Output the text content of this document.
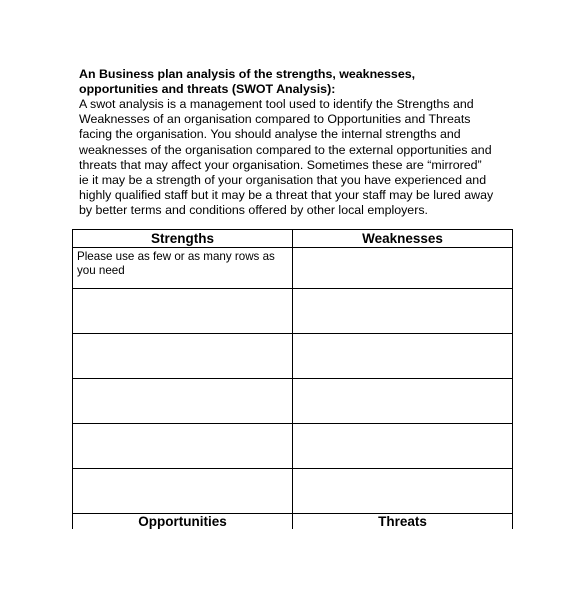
An Business plan analysis of the strengths, weaknesses,
opportunities and threats (SWOT Analysis):

A swot analysis is a management tool used to identify the Strengths and
Weaknesses of an organisation compared to Opportunities and Threats
facing the organisation. You should analyse the internal strengths and
weaknesses of the organisation compared to the external opportunities and
threats that may affect your organisation. Sometimes these are “mirrored”
ie it may be a strength of your organisation that you have experienced and
highly qualified staff but it may be a threat that your staff may be lured away
by better terms and conditions offered by other local employers.

Strengths	Weaknesses

Please use as few or as many rows as
you need	

Opportunities	Threats
